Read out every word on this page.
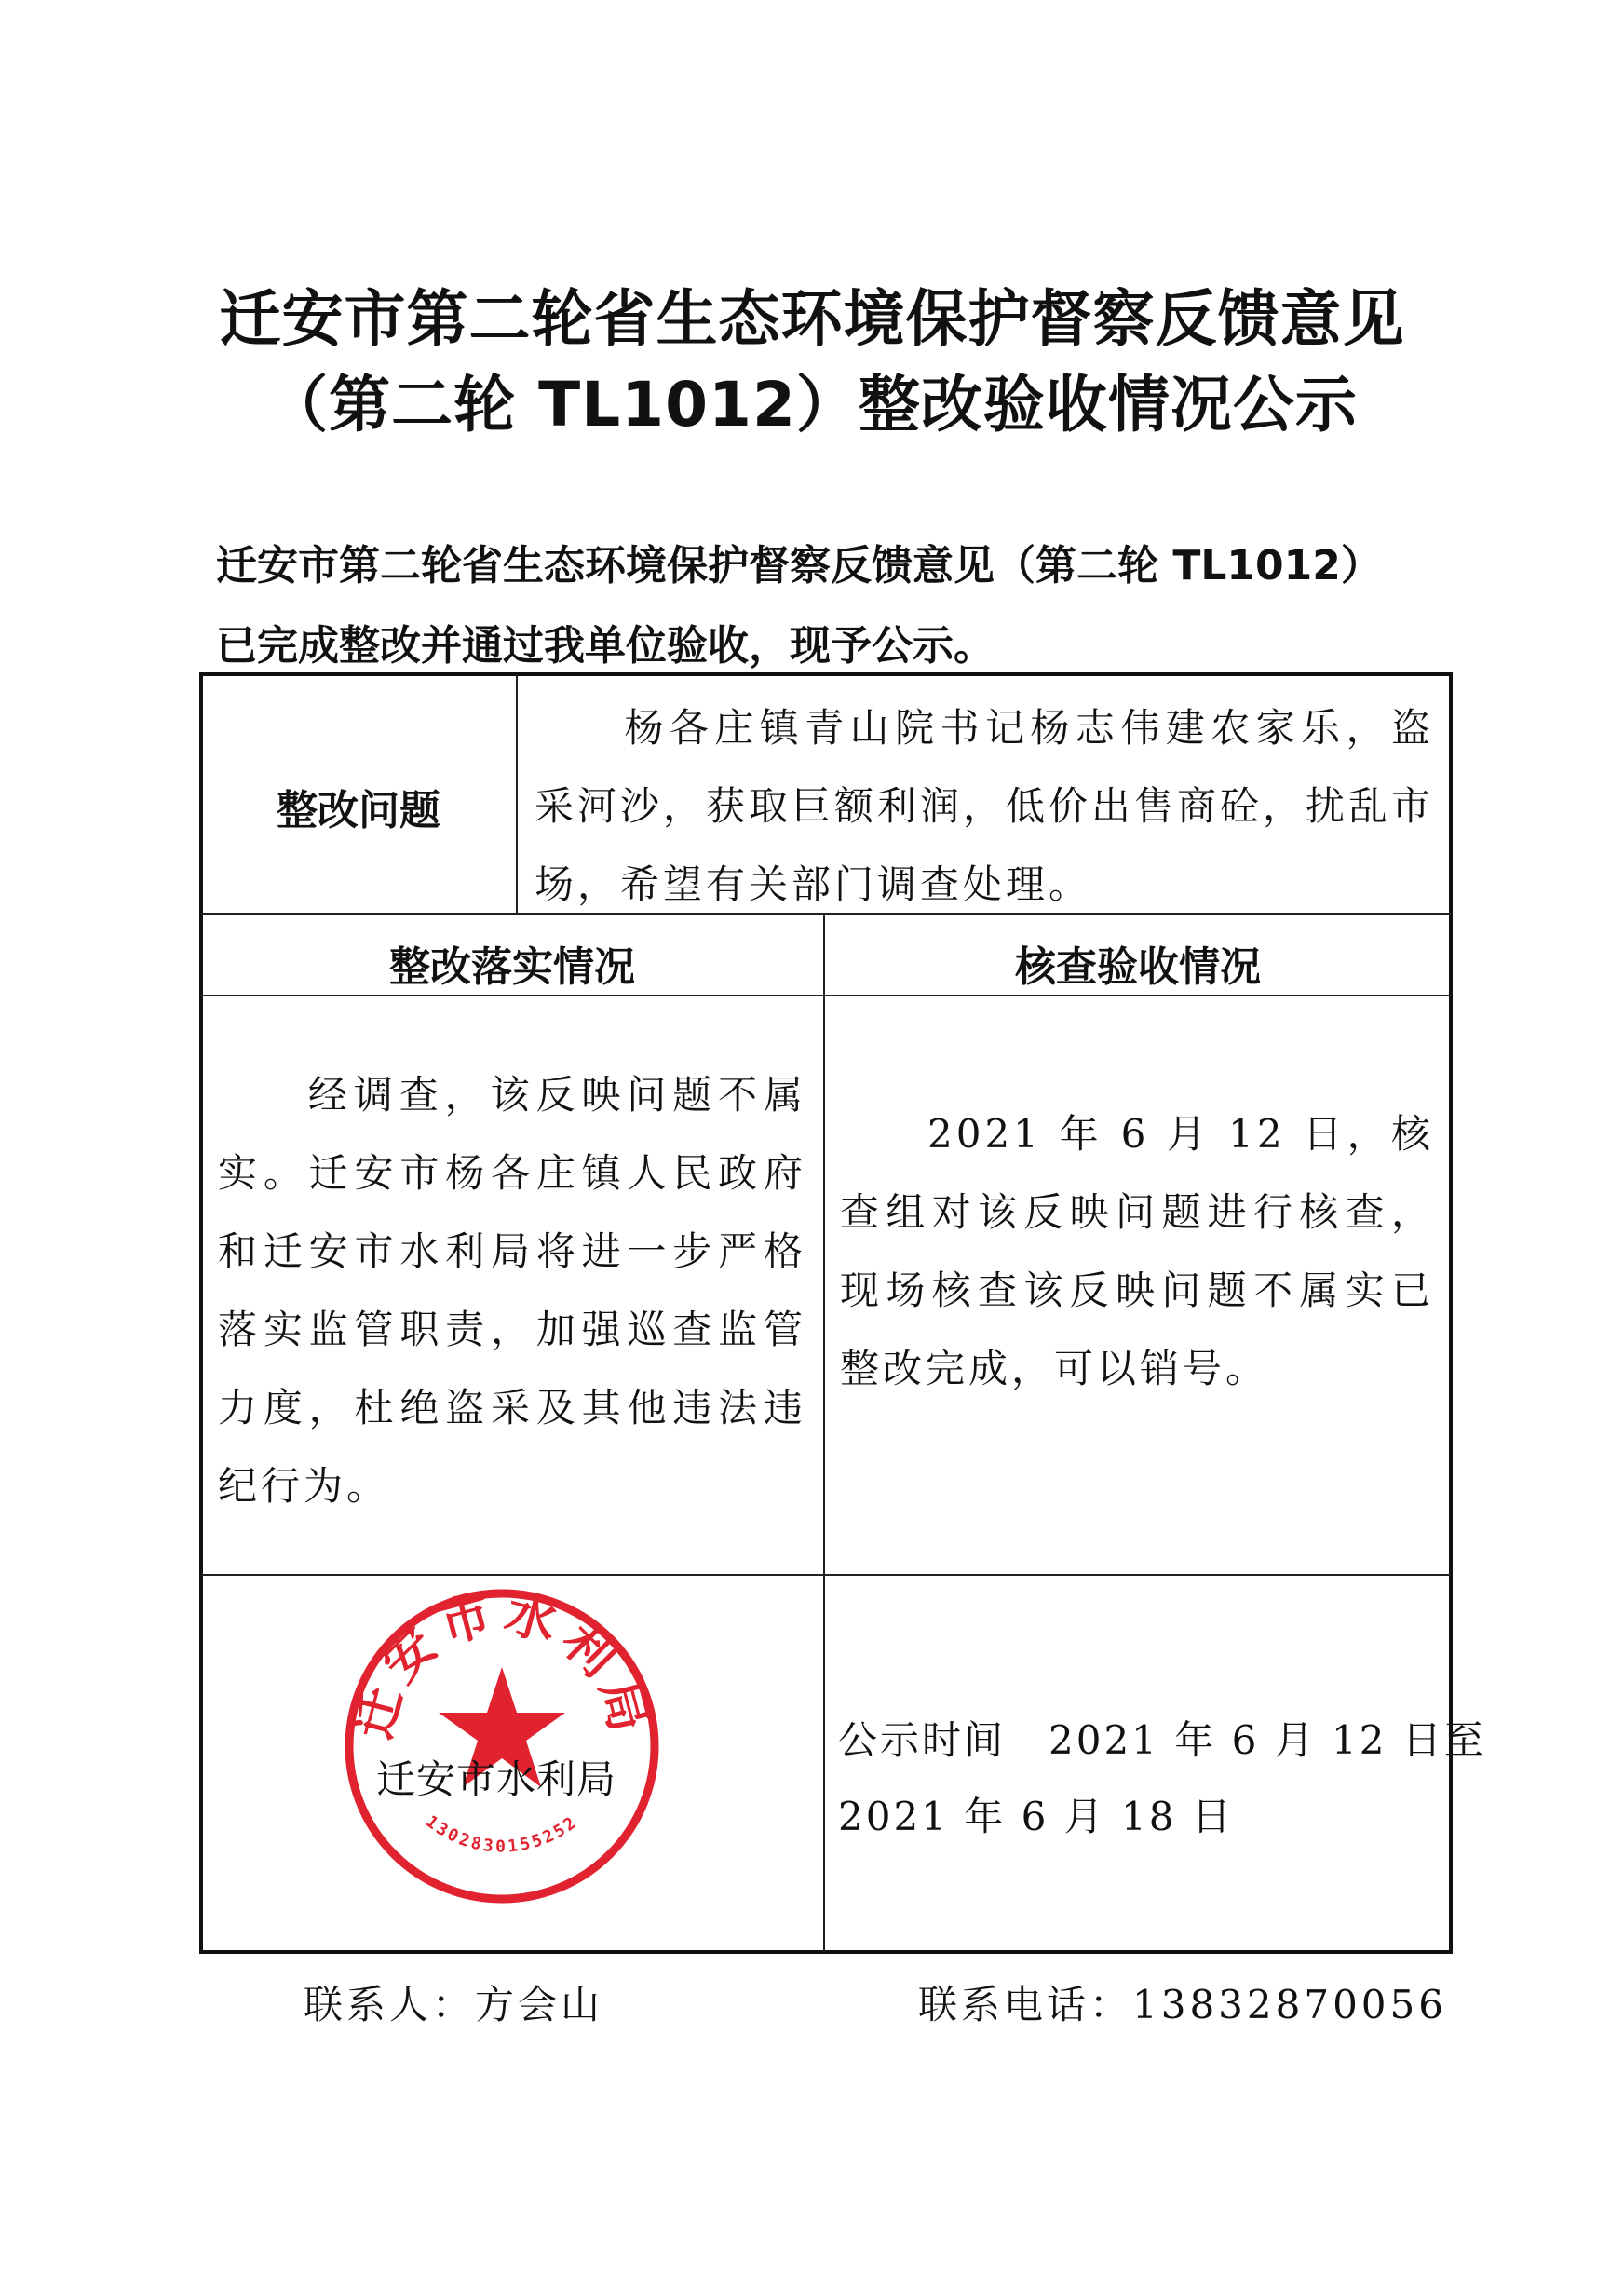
迁安市第二轮省生态环境保护督察反馈意见
（第二轮 TL1012）整改验收情况公示
迁安市第二轮省生态环境保护督察反馈意见（第二轮 TL1012）
已完成整改并通过我单位验收，现予公示。
整改问题

杨各庄镇青山院书记杨志伟建农家乐，盗采河沙，获取巨额利润，低价出售商砼，扰乱市场，希望有关部门调查处理。

整改落实情况	核查验收情况

经调查，该反映问题不属实。迁安市杨各庄镇人民政府和迁安市水利局将进一步严格落实监管职责，加强巡查监管力度，杜绝盗采及其他违法违纪行为。

2021 年 6 月 12 日，核查组对该反映问题进行核查，现场核查该反映问题不属实已整改完成，可以销号。

迁安市水利局
1302830155252
迁安市水利局
公示时间 2021 年 6 月 12 日至
2021 年 6 月 18 日
联系人：方会山	联系电话：13832870056
